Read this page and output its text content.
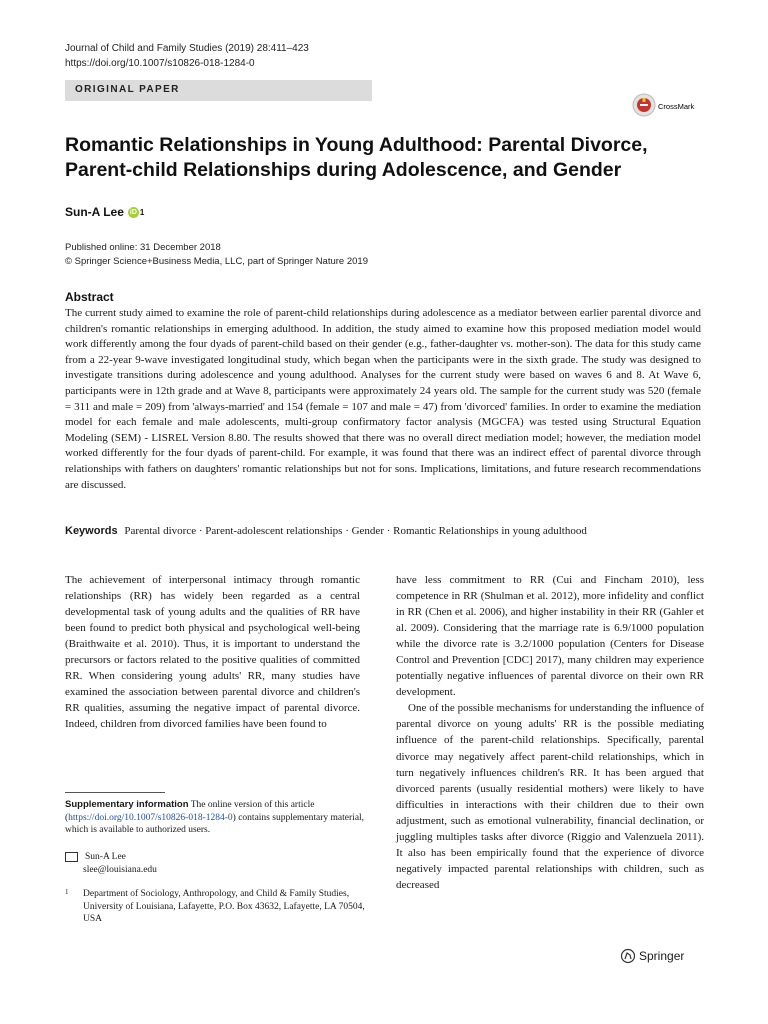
Journal of Child and Family Studies (2019) 28:411–423
https://doi.org/10.1007/s10826-018-1284-0
ORIGINAL PAPER
CrossMark
Romantic Relationships in Young Adulthood: Parental Divorce, Parent-child Relationships during Adolescence, and Gender
Sun-A Lee iD 1
Published online: 31 December 2018
© Springer Science+Business Media, LLC, part of Springer Nature 2019
Abstract
The current study aimed to examine the role of parent-child relationships during adolescence as a mediator between earlier parental divorce and children's romantic relationships in emerging adulthood. In addition, the study aimed to examine how this proposed mediation model would work differently among the four dyads of parent-child based on their gender (e.g., father-daughter vs. mother-son). The data for this study came from a 22-year 9-wave investigated longitudinal study, which began when the participants were in the sixth grade. The study was designed to investigate transitions during adolescence and young adulthood. Analyses for the current study were based on waves 6 and 8. At Wave 6, participants were in 12th grade and at Wave 8, participants were approximately 24 years old. The sample for the current study was 520 (female = 311 and male = 209) from 'always-married' and 154 (female = 107 and male = 47) from 'divorced' families. In order to examine the mediation model for each female and male adolescents, multi-group confirmatory factor analysis (MGCFA) was tested using Structural Equation Modeling (SEM) - LISREL Version 8.80. The results showed that there was no overall direct mediation model; however, the mediation model worked differently for the four dyads of parent-child. For example, it was found that there was an indirect effect of parental divorce through relationships with fathers on daughters' romantic relationships but not for sons. Implications, limitations, and future research recommendations are discussed.
Keywords Parental divorce · Parent-adolescent relationships · Gender · Romantic Relationships in young adulthood

The achievement of interpersonal intimacy through romantic relationships (RR) has widely been regarded as a central developmental task of young adults and the qualities of RR have been found to predict both physical and psychological well-being (Braithwaite et al. 2010). Thus, it is important to understand the precursors or factors related to the positive qualities of committed RR. When considering young adults' RR, many studies have examined the association between parental divorce and children's RR qualities, assuming the negative impact of parental divorce. Indeed, children from divorced families have been found to

have less commitment to RR (Cui and Fincham 2010), less competence in RR (Shulman et al. 2012), more infidelity and conflict in RR (Chen et al. 2006), and higher instability in their RR (Gahler et al. 2009). Considering that the marriage rate is 6.9/1000 population while the divorce rate is 3.2/1000 population (Centers for Disease Control and Prevention [CDC] 2017), many children may experience potentially negative influences of parental divorce on their own RR development.

One of the possible mechanisms for understanding the influence of parental divorce on young adults' RR is the possible mediating influence of the parent-child relationships. Specifically, parental divorce may negatively affect parent-child relationships, which in turn negatively influences children's RR. It has been argued that divorced parents (usually residential mothers) were likely to have difficulties in interactions with their children due to their own adjustment, such as emotional vulnerability, financial declination, or juggling multiples tasks after divorce (Riggio and Valenzuela 2011). It also has been empirically found that the experience of divorce negatively impacted parental relationships with children, such as decreased

Supplementary information The online version of this article (https://doi.org/10.1007/s10826-018-1284-0) contains supplementary material, which is available to authorized users.
Sun-A Lee
slee@louisiana.edu
1 Department of Sociology, Anthropology, and Child & Family Studies, University of Louisiana, Lafayette, P.O. Box 43632, Lafayette, LA 70504, USA
Springer
